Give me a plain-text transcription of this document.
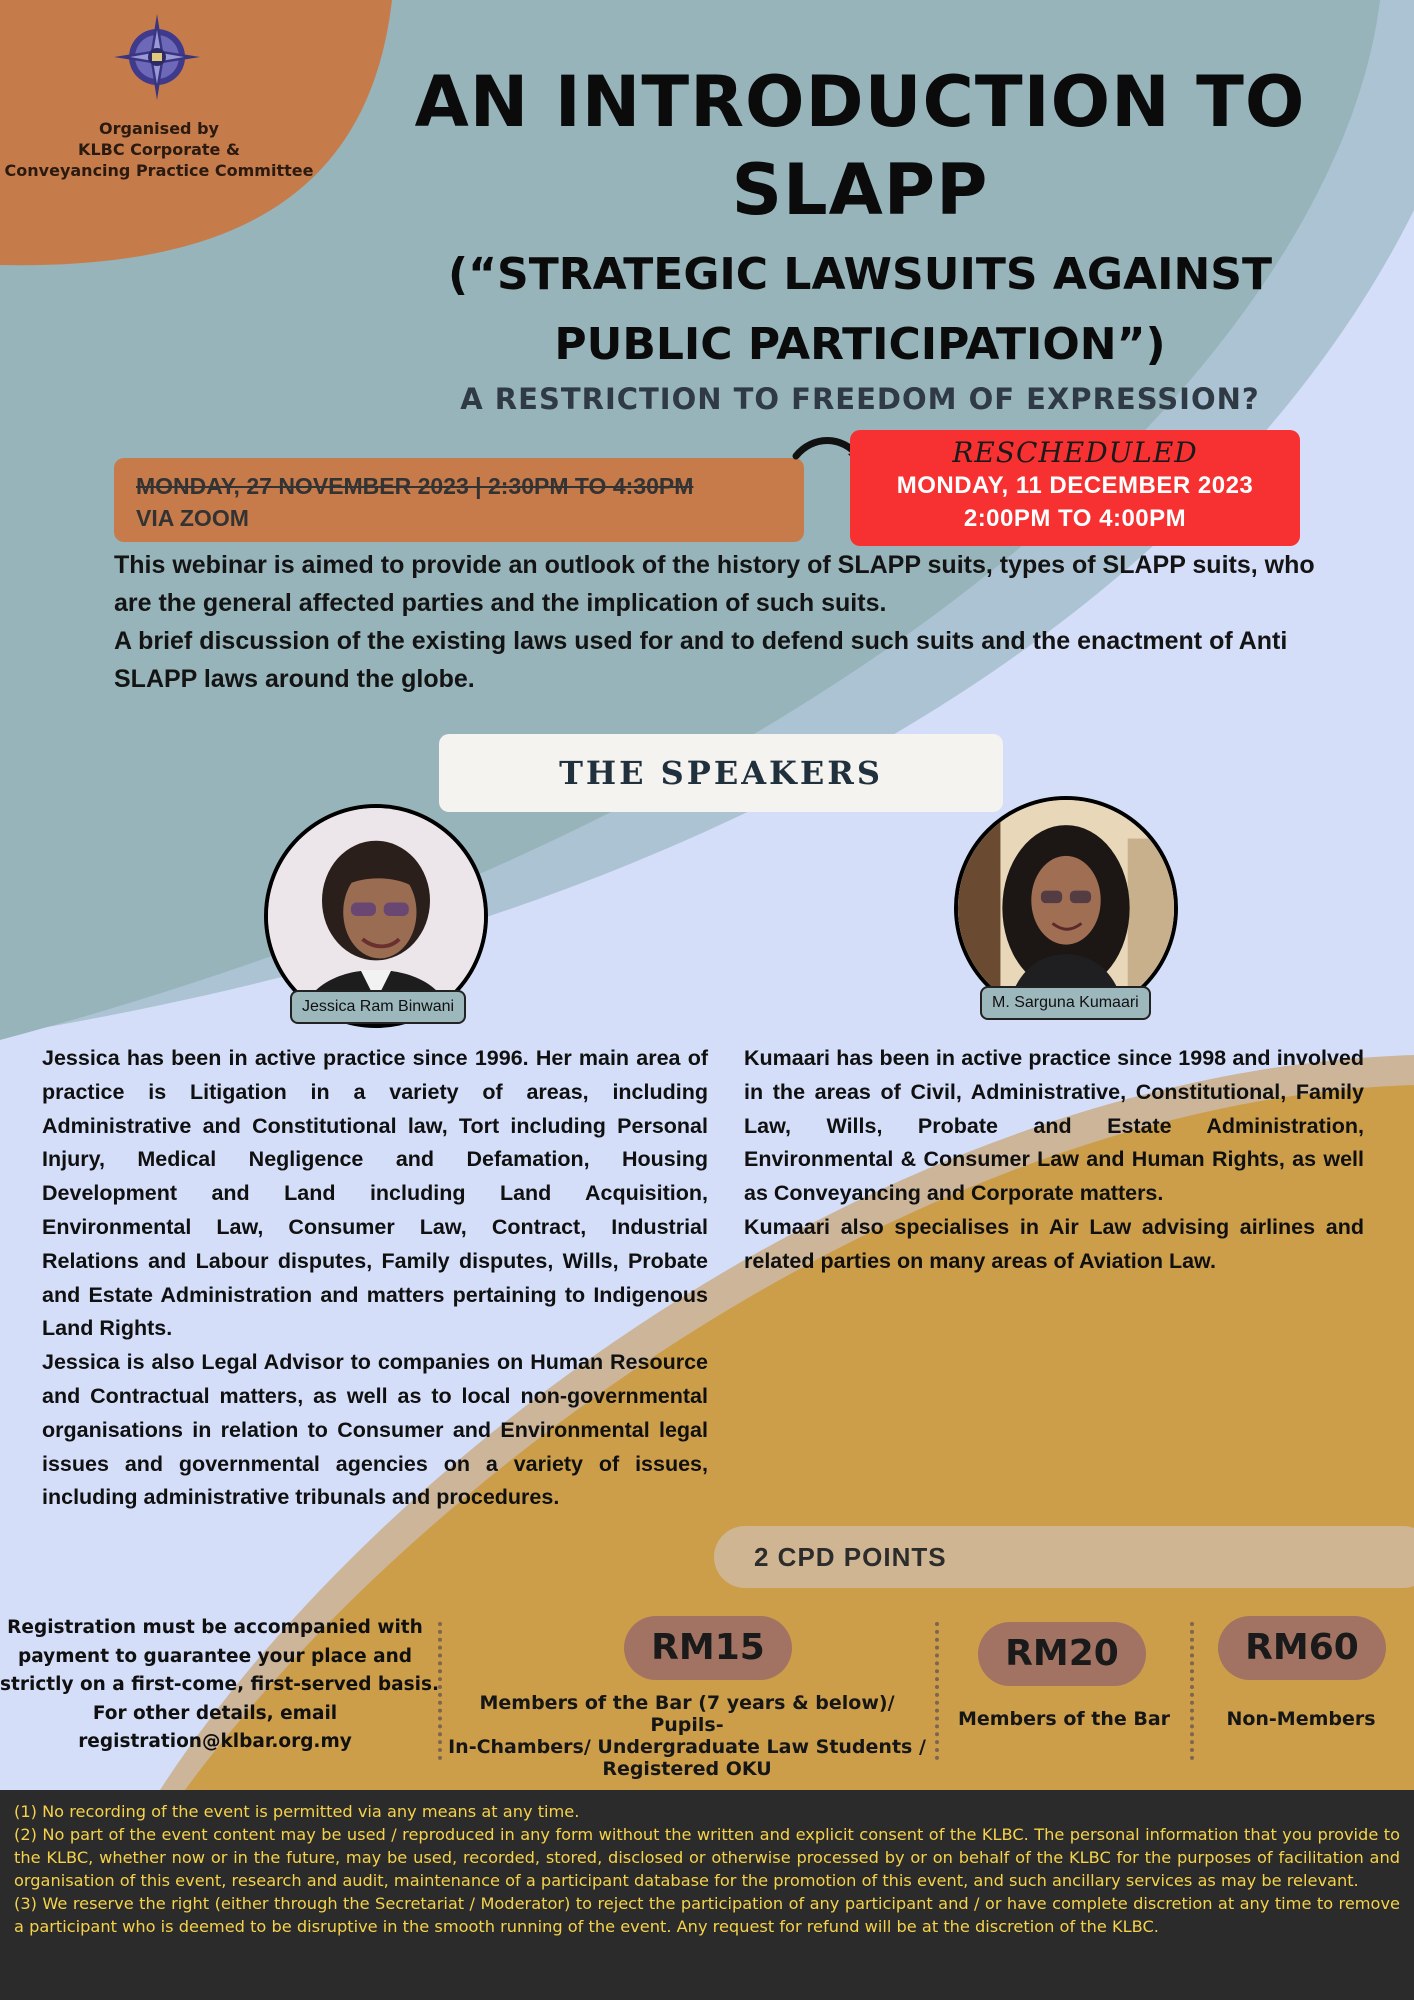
Organised by
KLBC Corporate &
Conveyancing Practice Committee
AN INTRODUCTION TO
SLAPP
(“STRATEGIC LAWSUITS AGAINST
PUBLIC PARTICIPATION”)
A RESTRICTION TO FREEDOM OF EXPRESSION?
MONDAY, 27 NOVEMBER 2023 | 2:30PM TO 4:30PM
VIA ZOOM
RESCHEDULED
MONDAY, 11 DECEMBER 2023
2:00PM TO 4:00PM

This webinar is aimed to provide an outlook of the history of SLAPP suits, types of SLAPP suits, who are the general affected parties and the implication of such suits.

A brief discussion of the existing laws used for and to defend such suits and the enactment of Anti SLAPP laws around the globe.

THE SPEAKERS
Jessica Ram Binwani	M. Sarguna Kumaari

Jessica has been in active practice since 1996. Her main area of practice is Litigation in a variety of areas, including Administrative and Constitutional law, Tort including Personal Injury, Medical Negligence and Defamation, Housing Development and Land including Land Acquisition, Environmental Law, Consumer Law, Contract, Industrial Relations and Labour disputes, Family disputes, Wills, Probate and Estate Administration and matters pertaining to Indigenous Land Rights.

Jessica is also Legal Advisor to companies on Human Resource and Contractual matters, as well as to local non-governmental organisations in relation to Consumer and Environmental legal issues and governmental agencies on a variety of issues, including administrative tribunals and procedures.

Kumaari has been in active practice since 1998 and involved in the areas of Civil, Administrative, Constitutional, Family Law, Wills, Probate and Estate Administration, Environmental & Consumer Law and Human Rights, as well as Conveyancing and Corporate matters.

Kumaari also specialises in Air Law advising airlines and related parties on many areas of Aviation Law.

2 CPD POINTS
Registration must be accompanied with
payment to guarantee your place and
strictly on a first-come, first-served basis.
For other details, email
registration@klbar.org.my
RM15
Members of the Bar (7 years & below)/ Pupils-
In-Chambers/ Undergraduate Law Students /
Registered OKU
RM20
Members of the Bar
RM60
Non-Members

(1) No recording of the event is permitted via any means at any time.

(2) No part of the event content may be used / reproduced in any form without the written and explicit consent of the KLBC. The personal information that you provide to the KLBC, whether now or in the future, may be used, recorded, stored, disclosed or otherwise processed by or on behalf of the KLBC for the purposes of facilitation and organisation of this event, research and audit, maintenance of a participant database for the promotion of this event, and such ancillary services as may be relevant.

(3) We reserve the right (either through the Secretariat / Moderator) to reject the participation of any participant and / or have complete discretion at any time to remove a participant who is deemed to be disruptive in the smooth running of the event. Any request for refund will be at the discretion of the KLBC.
